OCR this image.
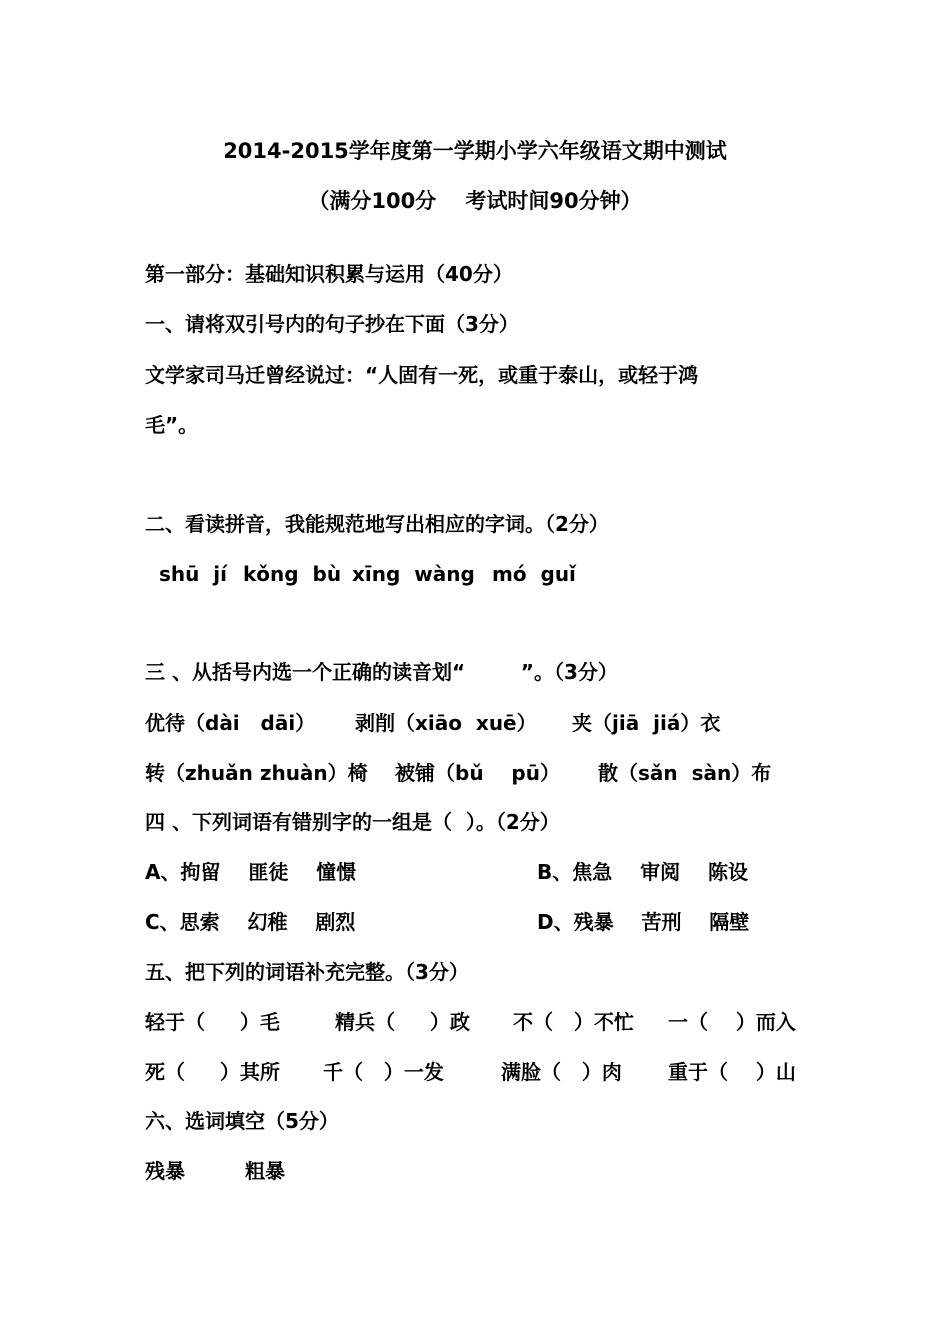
2014-2015学年度第一学期小学六年级语文期中测试
（满分100分    考试时间90分钟）
第一部分：基础知识积累与运用（40分）
一、请将双引号内的句子抄在下面（3分）
文学家司马迁曾经说过：“人固有一死，或重于泰山，或轻于鸿
毛”。
二、看读拼音，我能规范地写出相应的字词。（2分）
shū  jí kǒng  bù xīng  wàng mó  guǐ
三 、从括号内选一个正确的读音划“        ”。（3分）
优待（dài   dāi） 剥削（xiāo  xuē） 夹（jiā  jiá）衣
转（zhuǎn zhuàn）椅 被铺（bǔ    pū） 散（sǎn  sàn）布
四 、下列词语有错别字的一组是（  ）。（2分）
A、拘留    匪徒    憧憬	B、焦急    审阅    陈设
C、思索    幻稚    剧烈	D、残暴    苦刑    隔壁
五、把下列的词语补充完整。（3分）
轻于（     ）毛	精兵（     ）政 不（   ）不忙 一（    ）而入
死（     ）其所 千（   ）一发	满脸（   ）肉 重于（    ）山
六、选词填空（5分）
残暴	粗暴
